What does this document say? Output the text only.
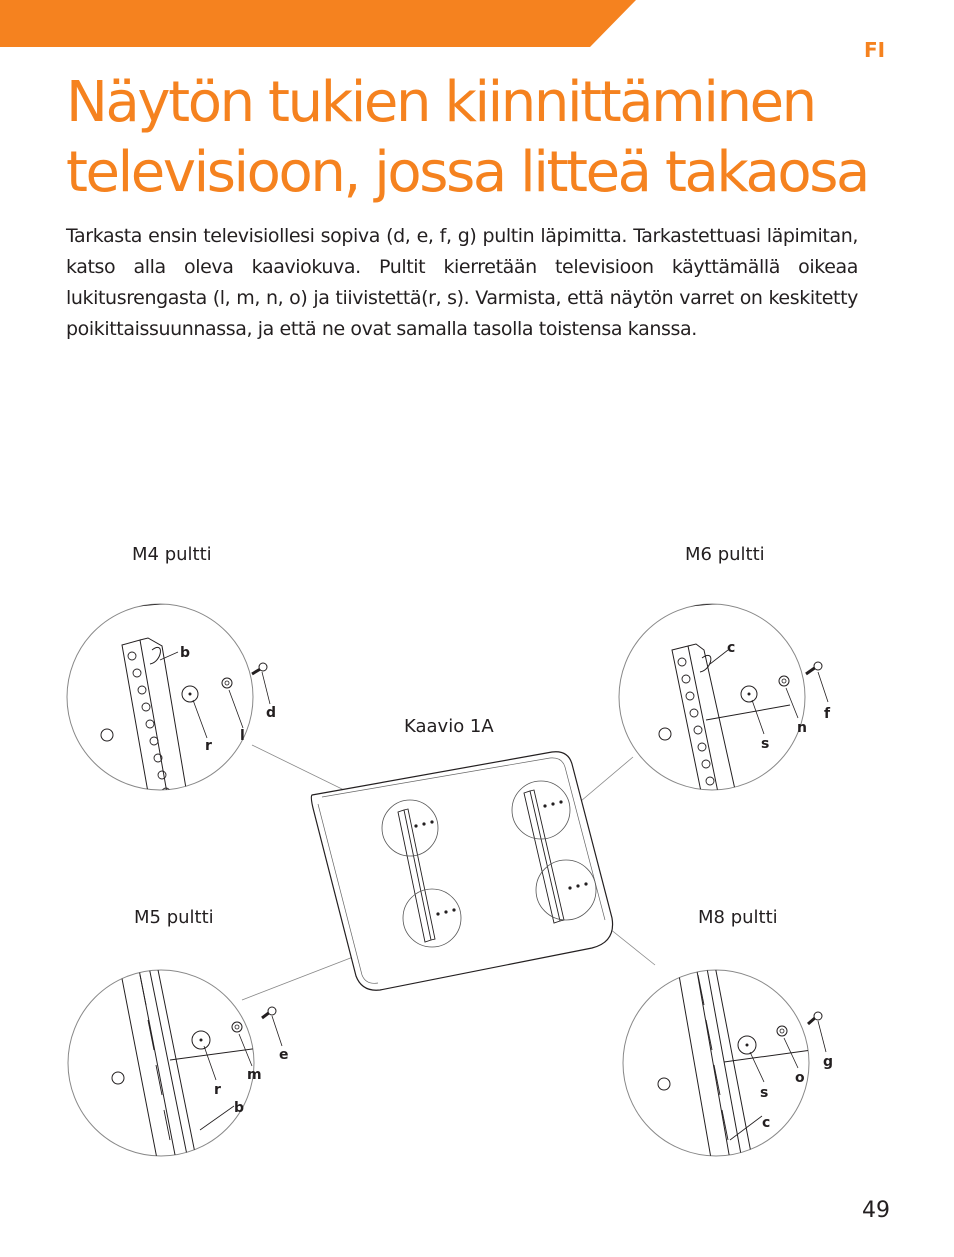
FI
Näytön tukien kiinnittäminen
televisioon, jossa litteä takaosa

Tarkasta ensin televisiollesi sopiva (d, e, f, g) pultin läpimitta. Tarkastettuasi läpimitan, katso alla oleva kaaviokuva. Pultit kierretään televisioon käyttämällä oikeaa lukitusrengasta (l, m, n, o) ja tiivistettä(r, s). Varmista, että näytön varret on keskitetty poikittaissuunnassa, ja että ne ovat samalla tasolla toistensa kanssa.

M4 pultti	M6 pultti
Kaavio 1A
M5 pultti	M8 pultti
b
d
r
l
c
f
s
n
e
m
r
b
g
s
o
c
49
